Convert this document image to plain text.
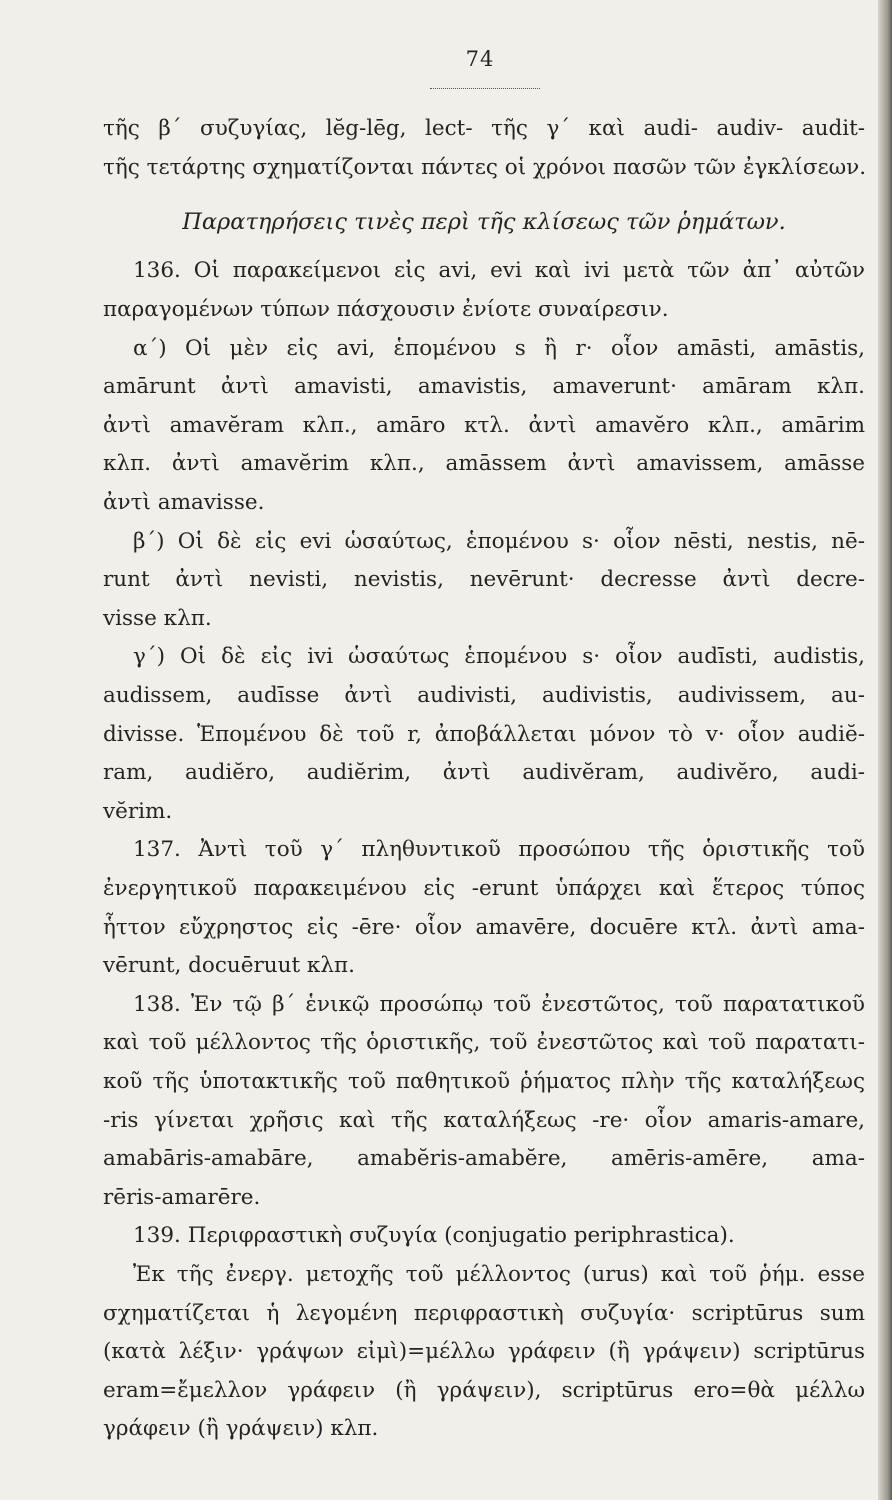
74
τῆς β΄ συζυγίας, lĕg-lēg, lect- τῆς γ΄ καὶ audi- audiv- audit-
τῆς τετάρτης σχηματίζονται πάντες οἱ χρόνοι πασῶν τῶν ἐγκλίσεων.
Παρατηρήσεις τινὲς περὶ τῆς κλίσεως τῶν ῥημάτων.
136. Οἱ παρακείμενοι εἰς avi, evi καὶ ivi μετὰ τῶν ἀπ᾽ αὐτῶν
παραγομένων τύπων πάσχουσιν ἐνίοτε συναίρεσιν.
α΄) Οἱ μὲν εἰς avi, ἑπομένου s ἢ r· οἷον amāsti, amāstis,
amārunt ἀντὶ amavisti, amavistis, amaverunt· amāram κλπ.
ἀντὶ amavĕram κλπ., amāro κτλ. ἀντὶ amavĕro κλπ., amārim
κλπ. ἀντὶ amavĕrim κλπ., amāssem ἀντὶ amavissem, amāsse
ἀντὶ amavisse.
β΄) Οἱ δὲ εἰς evi ὡσαύτως, ἑπομένου s· οἷον nēsti, nestis, nē-
runt ἀντὶ nevisti, nevistis, nevērunt· decresse ἀντὶ decre-
visse κλπ.
γ΄) Οἱ δὲ εἰς ivi ὡσαύτως ἑπομένου s· οἷον audīsti, audistis,
audissem, audīsse ἀντὶ audivisti, audivistis, audivissem, au-
divisse. Ἑπομένου δὲ τοῦ r, ἀποβάλλεται μόνον τὸ v· οἷον audiĕ-
ram, audiĕro, audiĕrim, ἀντὶ audivĕram, audivĕro, audi-
vĕrim.
137. Ἀντὶ τοῦ γ΄ πληθυντικοῦ προσώπου τῆς ὁριστικῆς τοῦ
ἐνεργητικοῦ παρακειμένου εἰς -erunt ὑπάρχει καὶ ἕτερος τύπος
ἧττον εὔχρηστος εἰς -ēre· οἷον amavēre, docuēre κτλ. ἀντὶ ama-
vērunt, docuēruut κλπ.
138. Ἐν τῷ β΄ ἑνικῷ προσώπῳ τοῦ ἐνεστῶτος, τοῦ παρατατικοῦ
καὶ τοῦ μέλλοντος τῆς ὁριστικῆς, τοῦ ἐνεστῶτος καὶ τοῦ παρατατι-
κοῦ τῆς ὑποτακτικῆς τοῦ παθητικοῦ ῥήματος πλὴν τῆς καταλήξεως
-ris γίνεται χρῆσις καὶ τῆς καταλήξεως -re· οἷον amaris-amare,
amabāris-amabāre, amabĕris-amabĕre, amēris-amēre, ama-
rēris-amarēre.
139. Περιφραστικὴ συζυγία (conjugatio periphrastica).
Ἐκ τῆς ἐνεργ. μετοχῆς τοῦ μέλλοντος (urus) καὶ τοῦ ῥήμ. esse
σχηματίζεται ἡ λεγομένη περιφραστικὴ συζυγία· scriptūrus sum
(κατὰ λέξιν· γράψων εἰμὶ)=μέλλω γράφειν (ἢ γράψειν) scriptūrus
eram=ἔμελλον γράφειν (ἢ γράψειν), scriptūrus ero=θὰ μέλλω
γράφειν (ἢ γράψειν) κλπ.
